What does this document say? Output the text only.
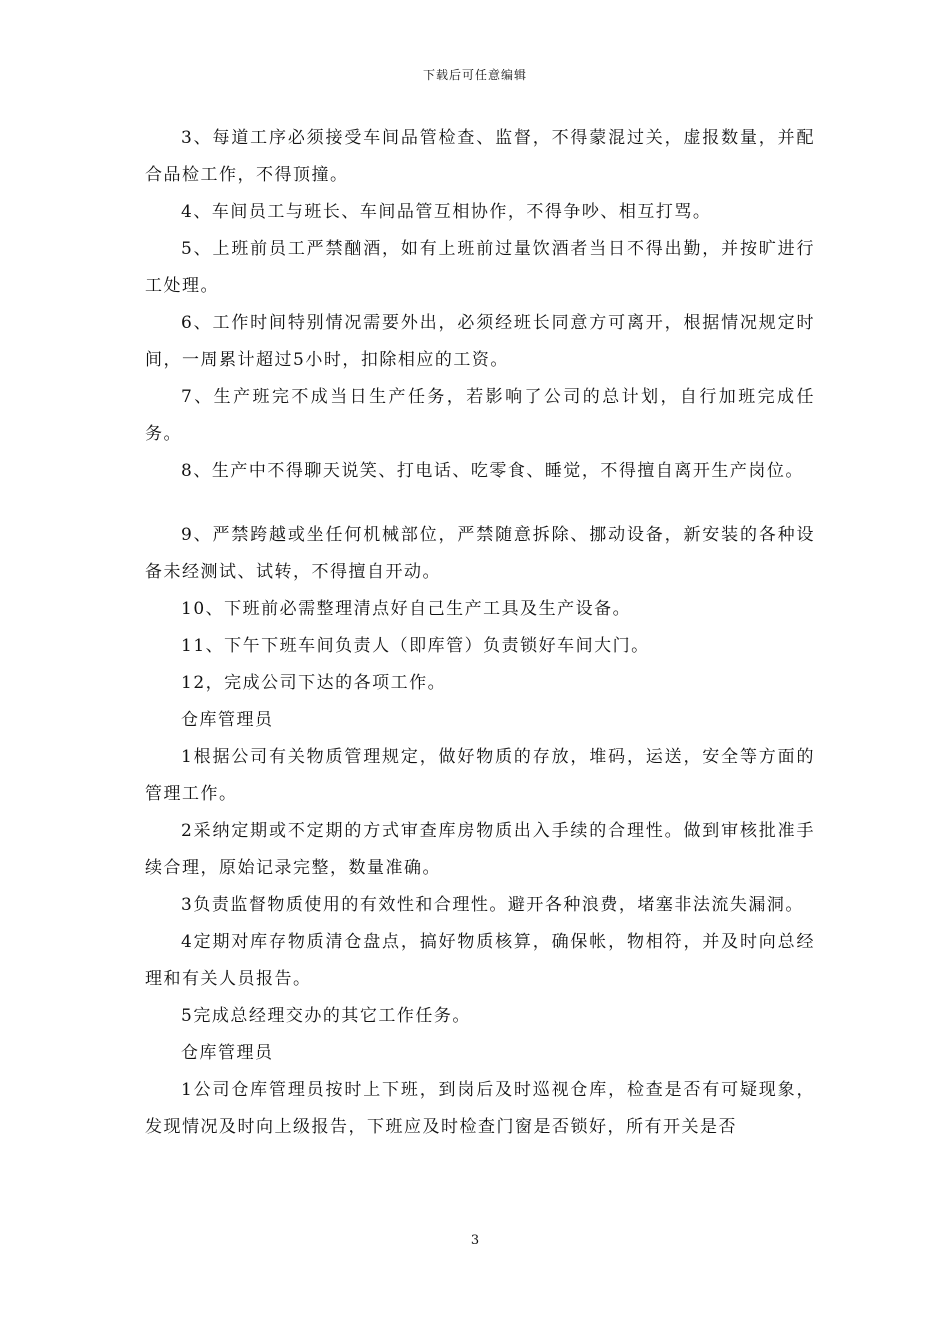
下载后可任意编辑

3、每道工序必须接受车间品管检查、监督，不得蒙混过关，虚报数量，并配合品检工作，不得顶撞。

4、车间员工与班长、车间品管互相协作，不得争吵、相互打骂。

5、上班前员工严禁酗酒，如有上班前过量饮酒者当日不得出勤，并按旷进行工处理。

6、工作时间特别情况需要外出，必须经班长同意方可离开，根据情况规定时间，一周累计超过5小时，扣除相应的工资。

7、生产班完不成当日生产任务，若影响了公司的总计划，自行加班完成任务。

8、生产中不得聊天说笑、打电话、吃零食、睡觉，不得擅自离开生产岗位。

9、严禁跨越或坐任何机械部位，严禁随意拆除、挪动设备，新安装的各种设备未经测试、试转，不得擅自开动。

10、下班前必需整理清点好自己生产工具及生产设备。

11、下午下班车间负责人（即库管）负责锁好车间大门。

12，完成公司下达的各项工作。

仓库管理员

1根据公司有关物质管理规定，做好物质的存放，堆码，运送，安全等方面的管理工作。

2采纳定期或不定期的方式审查库房物质出入手续的合理性。做到审核批准手续合理，原始记录完整，数量准确。

3负责监督物质使用的有效性和合理性。避开各种浪费，堵塞非法流失漏洞。

4定期对库存物质清仓盘点，搞好物质核算，确保帐，物相符，并及时向总经理和有关人员报告。

5完成总经理交办的其它工作任务。

仓库管理员

1公司仓库管理员按时上下班，到岗后及时巡视仓库，检查是否有可疑现象，发现情况及时向上级报告，下班应及时检查门窗是否锁好，所有开关是否

3
